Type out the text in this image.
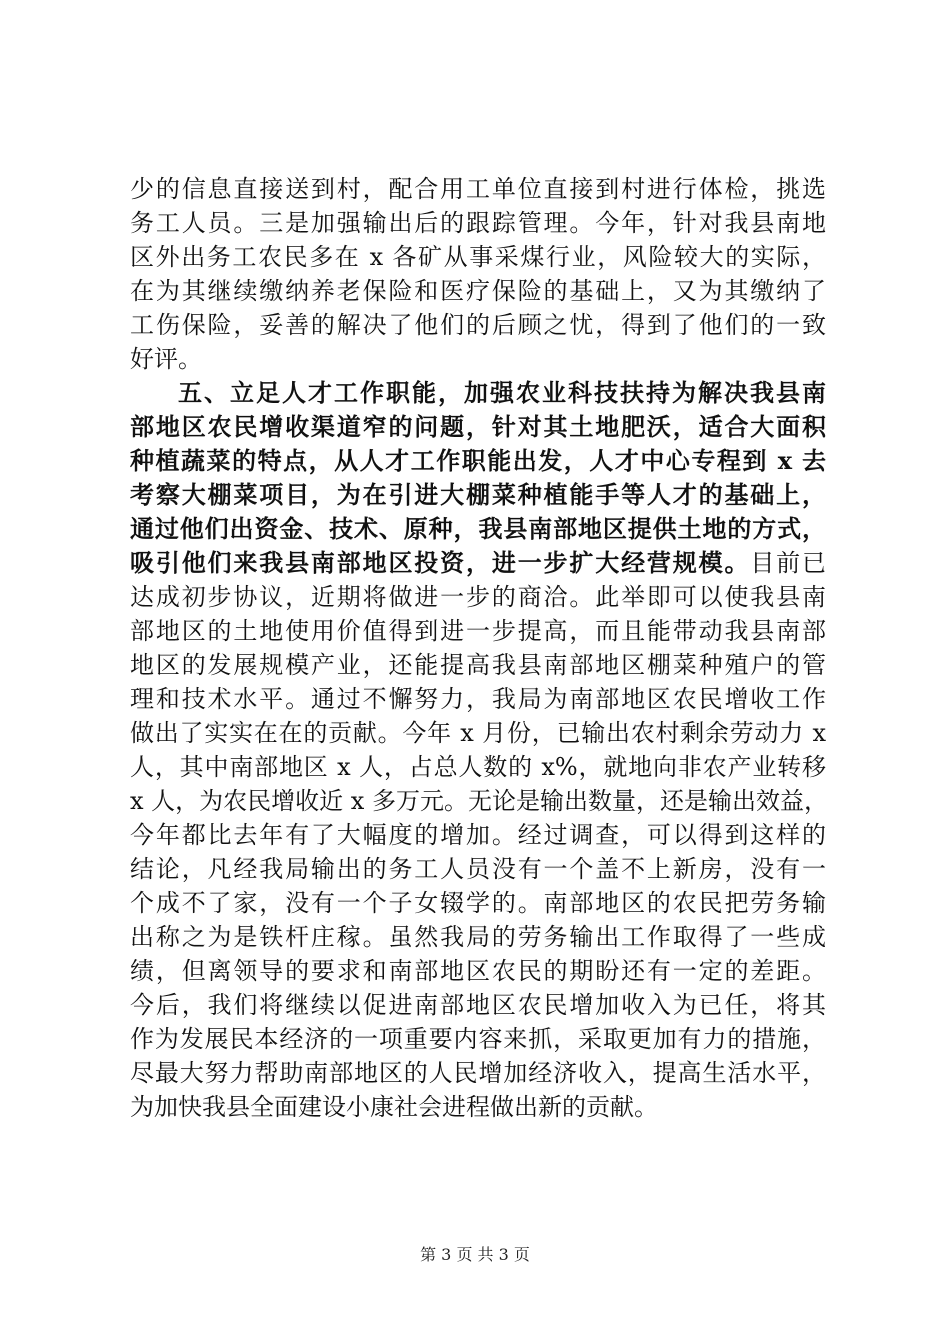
少的信息直接送到村，配合用工单位直接到村进行体检，挑选
务工人员。三是加强输出后的跟踪管理。今年，针对我县南地
区外出务工农民多在 x 各矿从事采煤行业，风险较大的实际，
在为其继续缴纳养老保险和医疗保险的基础上，又为其缴纳了
工伤保险，妥善的解决了他们的后顾之忧，得到了他们的一致
好评。
五、立足人才工作职能，加强农业科技扶持为解决我县南
部地区农民增收渠道窄的问题，针对其土地肥沃，适合大面积
种植蔬菜的特点，从人才工作职能出发，人才中心专程到 x 去
考察大棚菜项目，为在引进大棚菜种植能手等人才的基础上，
通过他们出资金、技术、原种，我县南部地区提供土地的方式，
吸引他们来我县南部地区投资，进一步扩大经营规模。目前已
达成初步协议，近期将做进一步的商洽。此举即可以使我县南
部地区的土地使用价值得到进一步提高，而且能带动我县南部
地区的发展规模产业，还能提高我县南部地区棚菜种殖户的管
理和技术水平。通过不懈努力，我局为南部地区农民增收工作
做出了实实在在的贡献。今年 x 月份，已输出农村剩余劳动力 x
人，其中南部地区 x 人，占总人数的 x%，就地向非农产业转移
x 人，为农民增收近 x 多万元。无论是输出数量，还是输出效益，
今年都比去年有了大幅度的增加。经过调查，可以得到这样的
结论，凡经我局输出的务工人员没有一个盖不上新房，没有一
个成不了家，没有一个子女辍学的。南部地区的农民把劳务输
出称之为是铁杆庄稼。虽然我局的劳务输出工作取得了一些成
绩，但离领导的要求和南部地区农民的期盼还有一定的差距。
今后，我们将继续以促进南部地区农民增加收入为已任，将其
作为发展民本经济的一项重要内容来抓，采取更加有力的措施，
尽最大努力帮助南部地区的人民增加经济收入，提高生活水平，
为加快我县全面建设小康社会进程做出新的贡献。
第 3 页 共 3 页
